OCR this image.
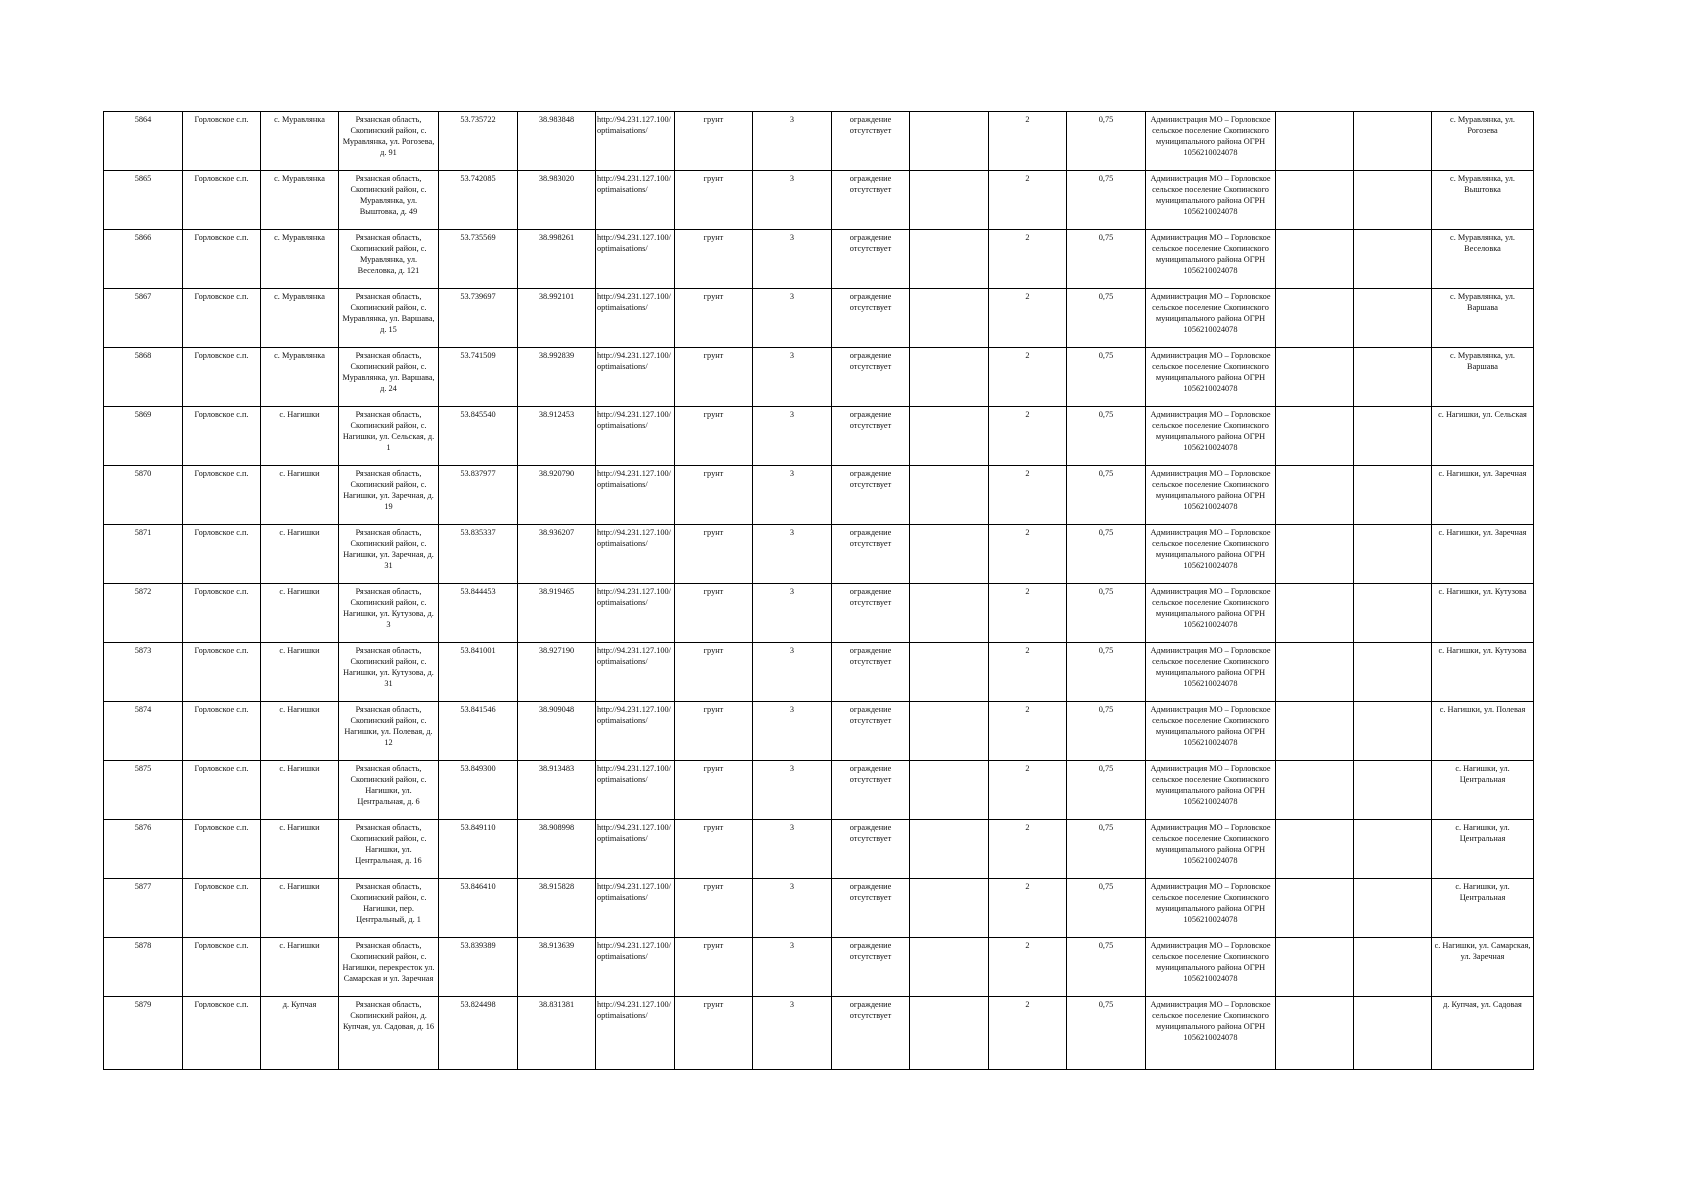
5864	Горловское с.п.	с. Муравлянка	Рязанская область, Скопинский район, с. Муравлянка, ул. Рогозева, д. 91	53.735722	38.983848	http://94.231.127.100/optimaisations/	грунт	3	ограждение отсутствует		2	0,75	Администрация МО – Горловское сельское поселение Скопинского муниципального района ОГРН 1056210024078			с. Муравлянка, ул. Рогозева
5865	Горловское с.п.	с. Муравлянка	Рязанская область, Скопинский район, с. Муравлянка, ул. Выштовка, д. 49	53.742085	38.983020	http://94.231.127.100/optimaisations/	грунт	3	ограждение отсутствует		2	0,75	Администрация МО – Горловское сельское поселение Скопинского муниципального района ОГРН 1056210024078			с. Муравлянка, ул. Выштовка
5866	Горловское с.п.	с. Муравлянка	Рязанская область, Скопинский район, с. Муравлянка, ул. Веселовка, д. 121	53.735569	38.998261	http://94.231.127.100/optimaisations/	грунт	3	ограждение отсутствует		2	0,75	Администрация МО – Горловское сельское поселение Скопинского муниципального района ОГРН 1056210024078			с. Муравлянка, ул. Веселовка
5867	Горловское с.п.	с. Муравлянка	Рязанская область, Скопинский район, с. Муравлянка, ул. Варшава, д. 15	53.739697	38.992101	http://94.231.127.100/optimaisations/	грунт	3	ограждение отсутствует		2	0,75	Администрация МО – Горловское сельское поселение Скопинского муниципального района ОГРН 1056210024078			с. Муравлянка, ул. Варшава
5868	Горловское с.п.	с. Муравлянка	Рязанская область, Скопинский район, с. Муравлянка, ул. Варшава, д. 24	53.741509	38.992839	http://94.231.127.100/optimaisations/	грунт	3	ограждение отсутствует		2	0,75	Администрация МО – Горловское сельское поселение Скопинского муниципального района ОГРН 1056210024078			с. Муравлянка, ул. Варшава
5869	Горловское с.п.	с. Нагишки	Рязанская область, Скопинский район, с. Нагишки, ул. Сельская, д. 1	53.845540	38.912453	http://94.231.127.100/optimaisations/	грунт	3	ограждение отсутствует		2	0,75	Администрация МО – Горловское сельское поселение Скопинского муниципального района ОГРН 1056210024078			с. Нагишки, ул. Сельская
5870	Горловское с.п.	с. Нагишки	Рязанская область, Скопинский район, с. Нагишки, ул. Заречная, д. 19	53.837977	38.920790	http://94.231.127.100/optimaisations/	грунт	3	ограждение отсутствует		2	0,75	Администрация МО – Горловское сельское поселение Скопинского муниципального района ОГРН 1056210024078			с. Нагишки, ул. Заречная
5871	Горловское с.п.	с. Нагишки	Рязанская область, Скопинский район, с. Нагишки, ул. Заречная, д. 31	53.835337	38.936207	http://94.231.127.100/optimaisations/	грунт	3	ограждение отсутствует		2	0,75	Администрация МО – Горловское сельское поселение Скопинского муниципального района ОГРН 1056210024078			с. Нагишки, ул. Заречная
5872	Горловское с.п.	с. Нагишки	Рязанская область, Скопинский район, с. Нагишки, ул. Кутузова, д. 3	53.844453	38.919465	http://94.231.127.100/optimaisations/	грунт	3	ограждение отсутствует		2	0,75	Администрация МО – Горловское сельское поселение Скопинского муниципального района ОГРН 1056210024078			с. Нагишки, ул. Кутузова
5873	Горловское с.п.	с. Нагишки	Рязанская область, Скопинский район, с. Нагишки, ул. Кутузова, д. 31	53.841001	38.927190	http://94.231.127.100/optimaisations/	грунт	3	ограждение отсутствует		2	0,75	Администрация МО – Горловское сельское поселение Скопинского муниципального района ОГРН 1056210024078			с. Нагишки, ул. Кутузова
5874	Горловское с.п.	с. Нагишки	Рязанская область, Скопинский район, с. Нагишки, ул. Полевая, д. 12	53.841546	38.909048	http://94.231.127.100/optimaisations/	грунт	3	ограждение отсутствует		2	0,75	Администрация МО – Горловское сельское поселение Скопинского муниципального района ОГРН 1056210024078			с. Нагишки, ул. Полевая
5875	Горловское с.п.	с. Нагишки	Рязанская область, Скопинский район, с. Нагишки, ул. Центральная, д. 6	53.849300	38.913483	http://94.231.127.100/optimaisations/	грунт	3	ограждение отсутствует		2	0,75	Администрация МО – Горловское сельское поселение Скопинского муниципального района ОГРН 1056210024078			с. Нагишки, ул. Центральная
5876	Горловское с.п.	с. Нагишки	Рязанская область, Скопинский район, с. Нагишки, ул. Центральная, д. 16	53.849110	38.908998	http://94.231.127.100/optimaisations/	грунт	3	ограждение отсутствует		2	0,75	Администрация МО – Горловское сельское поселение Скопинского муниципального района ОГРН 1056210024078			с. Нагишки, ул. Центральная
5877	Горловское с.п.	с. Нагишки	Рязанская область, Скопинский район, с. Нагишки, пер. Центральный, д. 1	53.846410	38.915828	http://94.231.127.100/optimaisations/	грунт	3	ограждение отсутствует		2	0,75	Администрация МО – Горловское сельское поселение Скопинского муниципального района ОГРН 1056210024078			с. Нагишки, ул. Центральная
5878	Горловское с.п.	с. Нагишки	Рязанская область, Скопинский район, с. Нагишки, перекресток ул. Самарская и ул. Заречная	53.839389	38.913639	http://94.231.127.100/optimaisations/	грунт	3	ограждение отсутствует		2	0,75	Администрация МО – Горловское сельское поселение Скопинского муниципального района ОГРН 1056210024078			с. Нагишки, ул. Самарская, ул. Заречная
5879	Горловское с.п.	д. Купчая	Рязанская область, Скопинский район, д. Купчая, ул. Садовая, д. 16	53.824498	38.831381	http://94.231.127.100/optimaisations/	грунт	3	ограждение отсутствует		2	0,75	Администрация МО – Горловское сельское поселение Скопинского муниципального района ОГРН 1056210024078			д. Купчая, ул. Садовая
